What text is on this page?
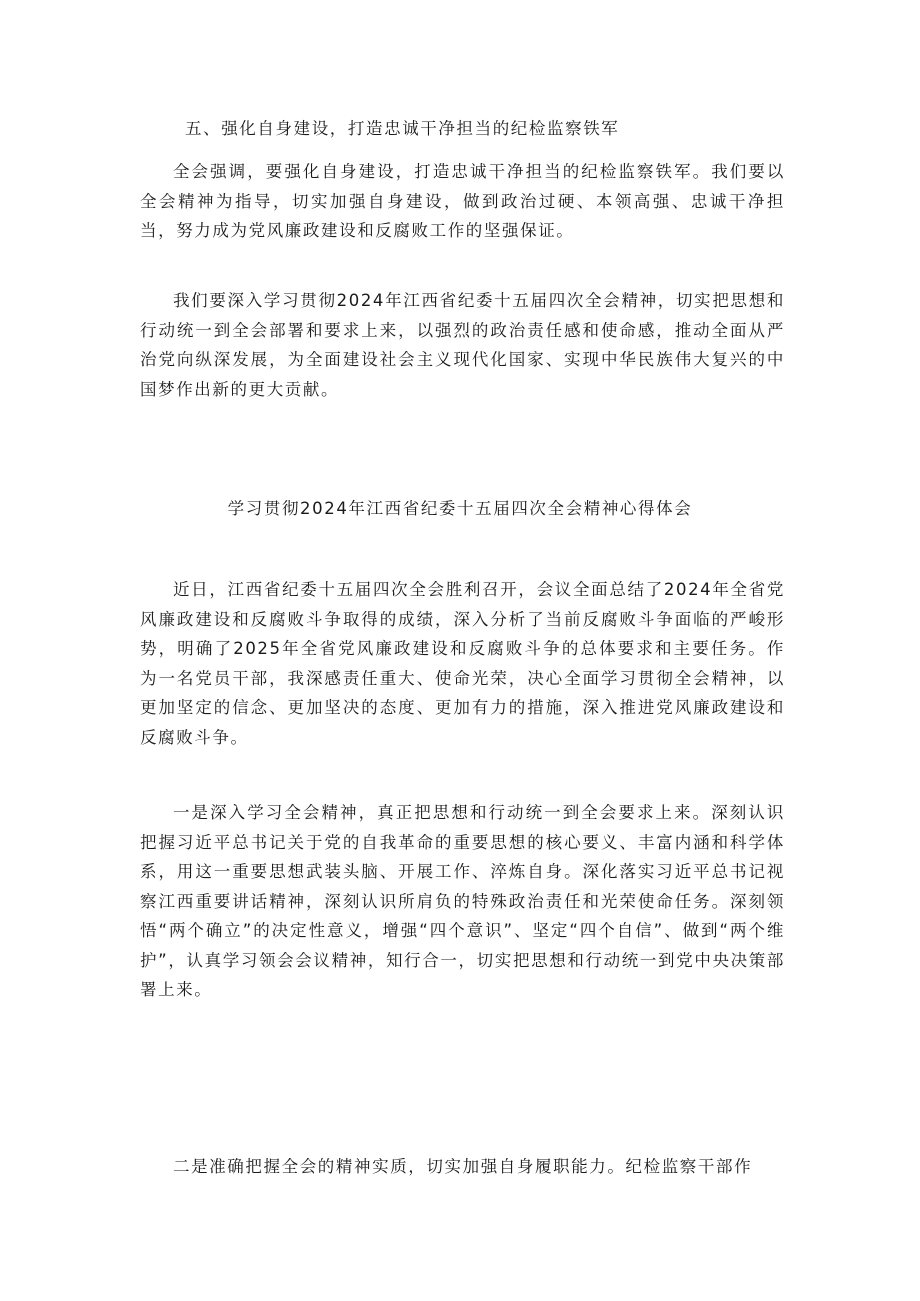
五、强化自身建设，打造忠诚干净担当的纪检监察铁军

全会强调，要强化自身建设，打造忠诚干净担当的纪检监察铁军。我们要以全会精神为指导，切实加强自身建设，做到政治过硬、本领高强、忠诚干净担当，努力成为党风廉政建设和反腐败工作的坚强保证。

我们要深入学习贯彻2024年江西省纪委十五届四次全会精神，切实把思想和行动统一到全会部署和要求上来，以强烈的政治责任感和使命感，推动全面从严治党向纵深发展，为全面建设社会主义现代化国家、实现中华民族伟大复兴的中国梦作出新的更大贡献。

学习贯彻2024年江西省纪委十五届四次全会精神心得体会

近日，江西省纪委十五届四次全会胜利召开，会议全面总结了2024年全省党风廉政建设和反腐败斗争取得的成绩，深入分析了当前反腐败斗争面临的严峻形势，明确了2025年全省党风廉政建设和反腐败斗争的总体要求和主要任务。作为一名党员干部，我深感责任重大、使命光荣，决心全面学习贯彻全会精神，以更加坚定的信念、更加坚决的态度、更加有力的措施，深入推进党风廉政建设和反腐败斗争。

一是深入学习全会精神，真正把思想和行动统一到全会要求上来。深刻认识把握习近平总书记关于党的自我革命的重要思想的核心要义、丰富内涵和科学体系，用这一重要思想武装头脑、开展工作、淬炼自身。深化落实习近平总书记视察江西重要讲话精神，深刻认识所肩负的特殊政治责任和光荣使命任务。深刻领悟“两个确立”的决定性意义，增强“四个意识”、坚定“四个自信”、做到“两个维护”，认真学习领会会议精神，知行合一，切实把思想和行动统一到党中央决策部署上来。

二是准确把握全会的精神实质，切实加强自身履职能力。纪检监察干部作
